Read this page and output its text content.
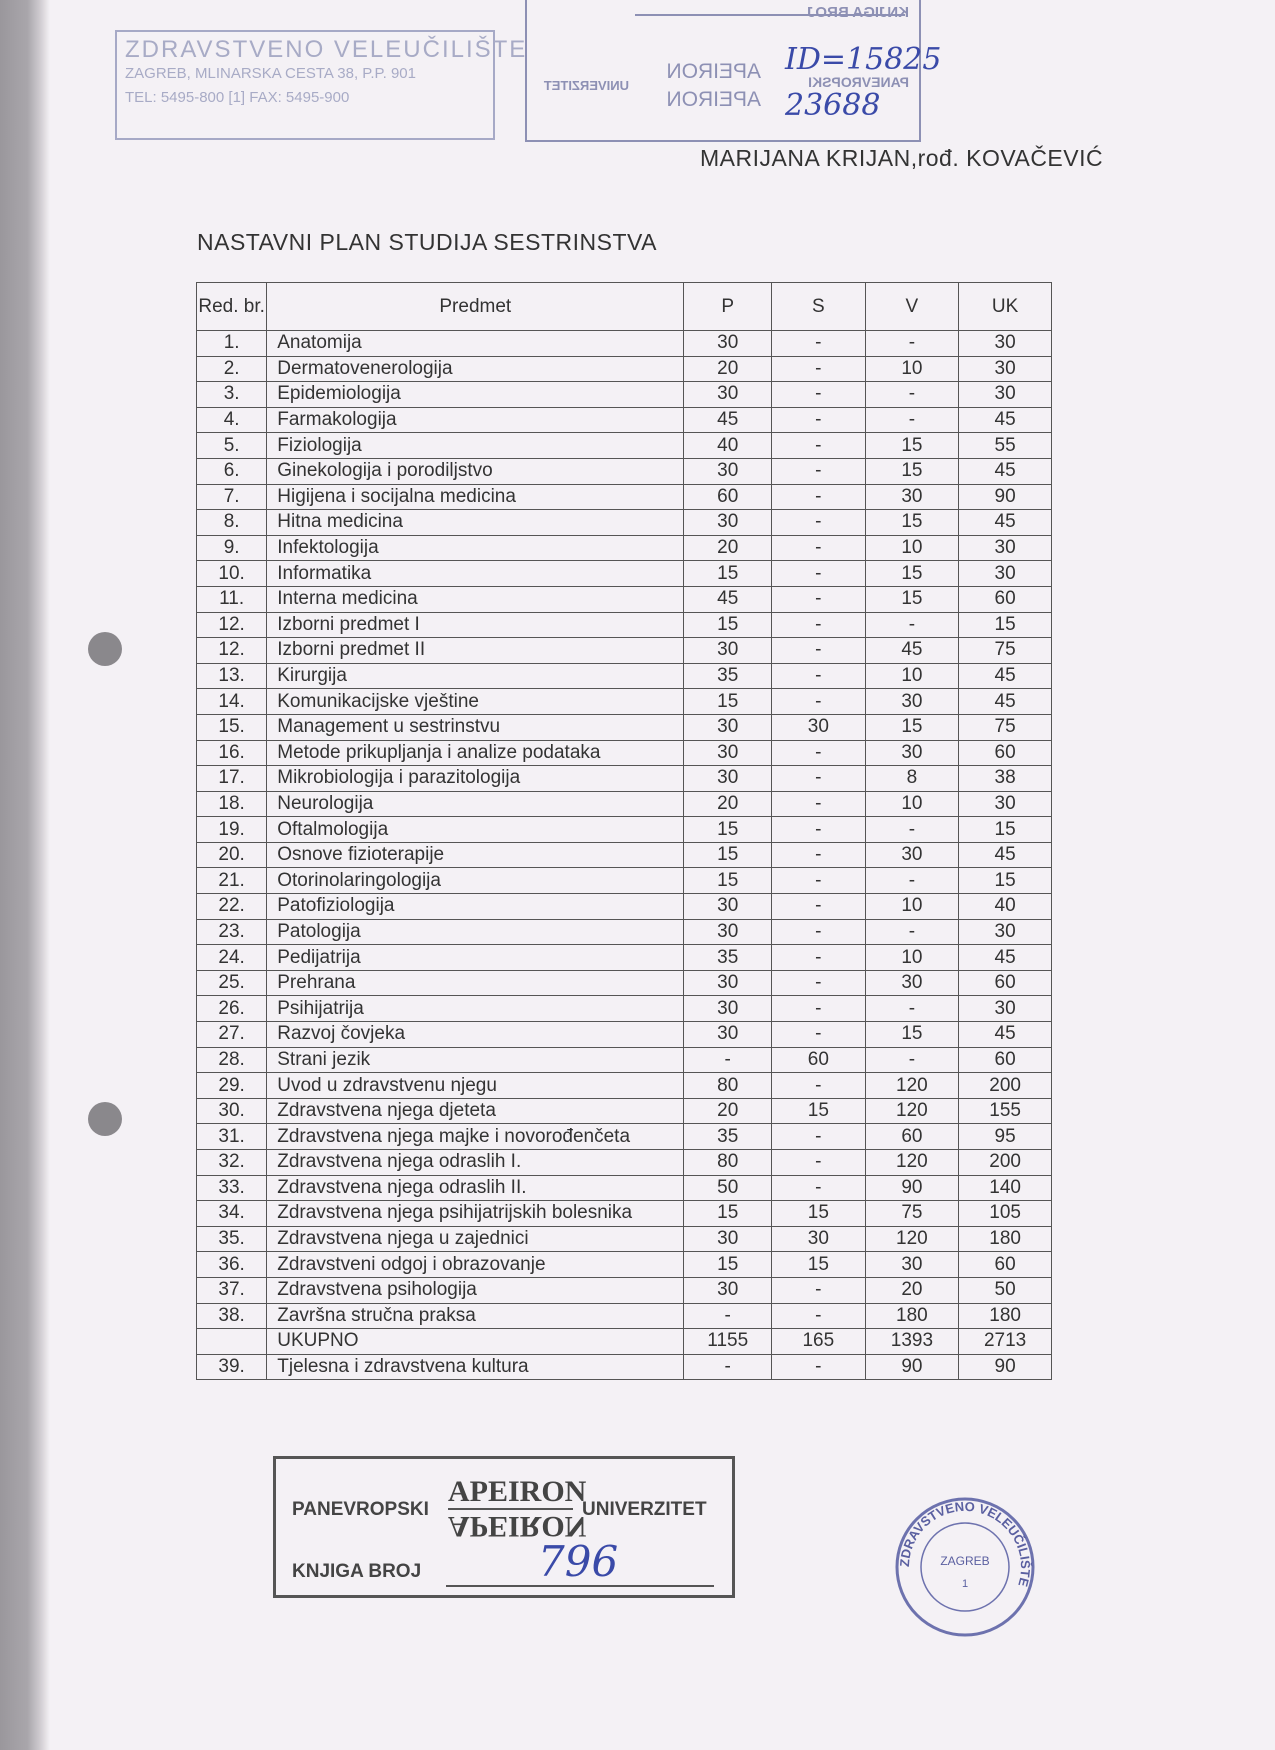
ZDRAVSTVENO VELEUČILIŠTE
ZAGREB, MLINARSKA CESTA 38, P.P. 901
TEL: 5495-800 [1] FAX: 5495-900
KNJIGA BROJ
UNIVERZITET
APEIRON
APEIRON
PANEVROPSKI
ID=15825
23688
MARIJANA KRIJAN,rođ. KOVAČEVIĆ
NASTAVNI PLAN STUDIJA SESTRINSTVA
Red. br.	Predmet	P	S	V	UK
1.	Anatomija	30	-	-	30
2.	Dermatovenerologija	20	-	10	30
3.	Epidemiologija	30	-	-	30
4.	Farmakologija	45	-	-	45
5.	Fiziologija	40	-	15	55
6.	Ginekologija i porodiljstvo	30	-	15	45
7.	Higijena i socijalna medicina	60	-	30	90
8.	Hitna medicina	30	-	15	45
9.	Infektologija	20	-	10	30
10.	Informatika	15	-	15	30
11.	Interna medicina	45	-	15	60
12.	Izborni predmet I	15	-	-	15
12.	Izborni predmet II	30	-	45	75
13.	Kirurgija	35	-	10	45
14.	Komunikacijske vještine	15	-	30	45
15.	Management u sestrinstvu	30	30	15	75
16.	Metode prikupljanja i analize podataka	30	-	30	60
17.	Mikrobiologija i parazitologija	30	-	8	38
18.	Neurologija	20	-	10	30
19.	Oftalmologija	15	-	-	15
20.	Osnove fizioterapije	15	-	30	45
21.	Otorinolaringologija	15	-	-	15
22.	Patofiziologija	30	-	10	40
23.	Patologija	30	-	-	30
24.	Pedijatrija	35	-	10	45
25.	Prehrana	30	-	30	60
26.	Psihijatrija	30	-	-	30
27.	Razvoj čovjeka	30	-	15	45
28.	Strani jezik	-	60	-	60
29.	Uvod u zdravstvenu njegu	80	-	120	200
30.	Zdravstvena njega djeteta	20	15	120	155
31.	Zdravstvena njega majke i novorođenčeta	35	-	60	95
32.	Zdravstvena njega odraslih I.	80	-	120	200
33.	Zdravstvena njega odraslih II.	50	-	90	140
34.	Zdravstvena njega psihijatrijskih bolesnika	15	15	75	105
35.	Zdravstvena njega u zajednici	30	30	120	180
36.	Zdravstveni odgoj i obrazovanje	15	15	30	60
37.	Zdravstvena psihologija	30	-	20	50
38.	Završna stručna praksa	-	-	180	180
	UKUPNO	1155	165	1393	2713
39.	Tjelesna i zdravstvena kultura	-	-	90	90
PANEVROPSKI
APEIRON
APEIRON
UNIVERZITET
KNJIGA BROJ	796	ZDRAVSTVENO VELEUČILIŠTE
ZAGREB
1
